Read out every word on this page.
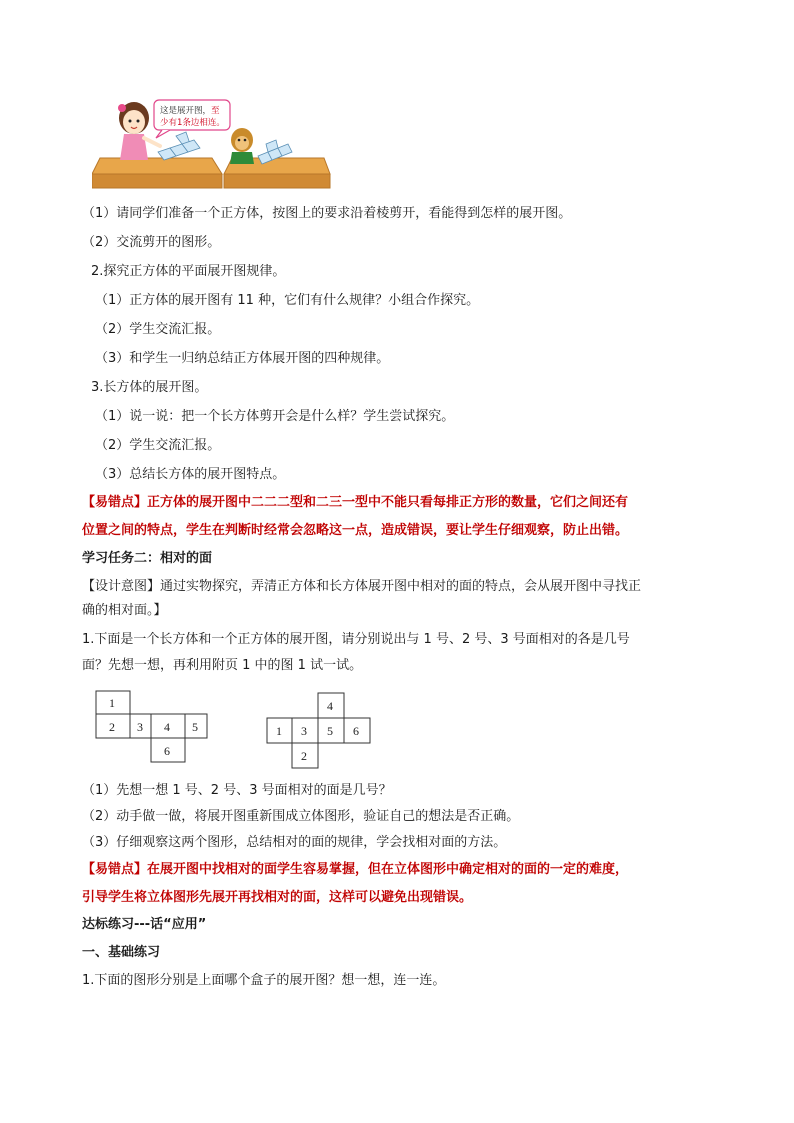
这是展开图，至
少有1条边相连。
（1）请同学们准备一个正方体，按图上的要求沿着棱剪开，看能得到怎样的展开图。
（2）交流剪开的图形。
2.探究正方体的平面展开图规律。
（1）正方体的展开图有 11 种，它们有什么规律？小组合作探究。
（2）学生交流汇报。
（3）和学生一归纳总结正方体展开图的四种规律。
3.长方体的展开图。
（1）说一说：把一个长方体剪开会是什么样？学生尝试探究。
（2）学生交流汇报。
（3）总结长方体的展开图特点。
【易错点】正方体的展开图中二二二型和二三一型中不能只看每排正方形的数量，它们之间还有
位置之间的特点，学生在判断时经常会忽略这一点，造成错误，要让学生仔细观察，防止出错。
学习任务二：相对的面
【设计意图】通过实物探究，弄清正方体和长方体展开图中相对的面的特点，会从展开图中寻找正
确的相对面。】
1.下面是一个长方体和一个正方体的展开图，请分别说出与 1 号、2 号、3 号面相对的各是几号
面？先想一想，再利用附页 1 中的图 1 试一试。
1
2 3 4 5
6
4
1 3 5 6
2
（1）先想一想 1 号、2 号、3 号面相对的面是几号？
（2）动手做一做，将展开图重新围成立体图形，验证自己的想法是否正确。
（3）仔细观察这两个图形，总结相对的面的规律，学会找相对面的方法。
【易错点】在展开图中找相对的面学生容易掌握，但在立体图形中确定相对的面的一定的难度，
引导学生将立体图形先展开再找相对的面，这样可以避免出现错误。
达标练习---话“应用”
一、基础练习
1.下面的图形分别是上面哪个盒子的展开图？想一想，连一连。
